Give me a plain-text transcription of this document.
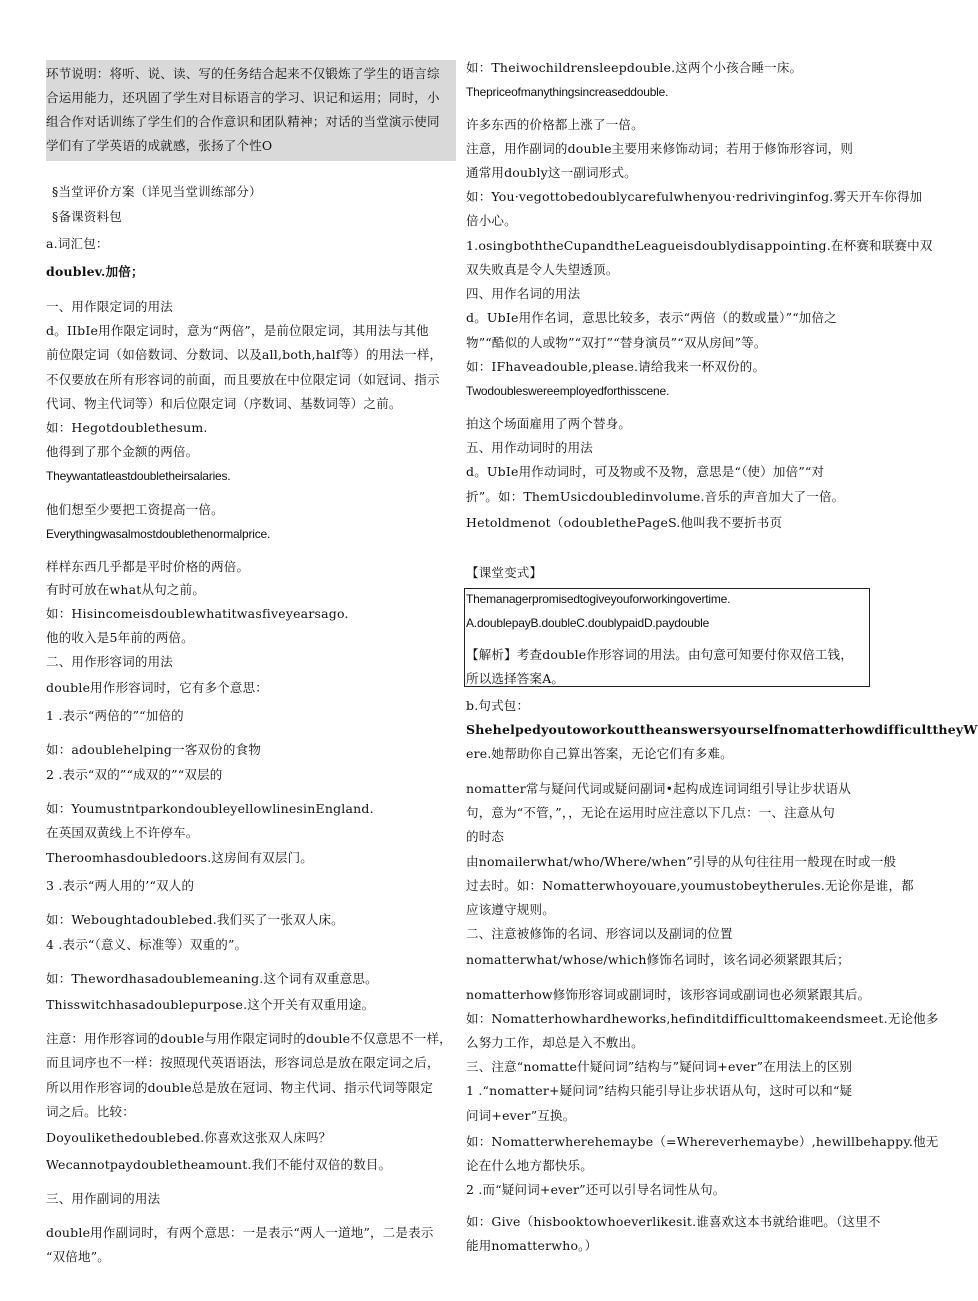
环节说明：将听、说、读、写的任务结合起来不仅锻炼了学生的语言综
合运用能力，还巩固了学生对目标语言的学习、识记和运用；同时，小
组合作对话训练了学生们的合作意识和团队精神；对话的当堂演示使同
学们有了学英语的成就感，张扬了个性O
§当堂评价方案（详见当堂训练部分）
§备课资料包
a.词汇包：
doublev.加倍；
一、用作限定词的用法
d。IIbIe用作限定词时，意为“两倍”，是前位限定词，其用法与其他
前位限定词（如倍数词、分数词、以及all,both,half等）的用法一样，
不仅要放在所有形容词的前面，而且要放在中位限定词（如冠词、指示
代词、物主代词等）和后位限定词（序数词、基数词等）之前。
如：Hegotdoublethesum.
他得到了那个金额的两倍。
Theywantatleastdoubletheirsalaries.
他们想至少要把工资提高一倍。
Everythingwasalmostdoublethenormalprice.
样样东西几乎都是平时价格的两倍。
有时可放在what从句之前。
如：Hisincomeisdoublewhatitwasfiveyearsago.
他的收入是5年前的两倍。
二、用作形容词的用法
double用作形容词时，它有多个意思：
1 .表示“两倍的”“加倍的
如：adoublehelping一客双份的食物
2 .表示“双的”“成双的”“双层的
如：YoumustntparkondoubleyellowlinesinEngland.
在英国双黄线上不许停车。
Theroomhasdoubledoors.这房间有双层门。
3 .表示“两人用的’“双人的
如：Weboughtadoublebed.我们买了一张双人床。
4 .表示“（意义、标准等）双重的”。
如：Thewordhasadoublemeaning.这个词有双重意思。
Thisswitchhasadoublepurpose.这个开关有双重用途。
注意：用作形容词的double与用作限定词时的double不仅意思不一样，
而且词序也不一样：按照现代英语语法，形容词总是放在限定词之后，
所以用作形容词的double总是放在冠词、物主代词、指示代词等限定
词之后。比较：
Doyoulikethedoublebed.你喜欢这张双人床吗？
Wecannotpaydoubletheamount.我们不能付双倍的数目。
三、用作副词的用法
double用作副词时，有两个意思：一是表示“两人一道地”，二是表示
“双倍地”。
如：Theiwochildrensleepdouble.这两个小孩合睡一床。
Thepriceofmanythingsincreaseddouble.
许多东西的价格都上涨了一倍。
注意，用作副词的double主要用来修饰动词；若用于修饰形容词，则
通常用doubly这一副词形式。
如：You·vegottobedoublycarefulwhenyou·redrivinginfog.雾天开车你得加
倍小心。
1.osingboththeCupandtheLeagueisdoublydisappointing.在杯赛和联赛中双
双失败真是令人失望透顶。
四、用作名词的用法
d。UbIe用作名词，意思比较多，表示“两倍（的数或量）”“加倍之
物”“酷似的人或物”“双打”“替身演员”“双从房间”等。
如：IFhaveadouble,please.请给我来一杯双份的。
Twodoubleswereemployedforthisscene.
拍这个场面雇用了两个替身。
五、用作动词时的用法
d。UbIe用作动词时，可及物或不及物，意思是“（使）加倍”“对
折”。如：ThemUsicdoubledinvolume.音乐的声音加大了一倍。
Hetoldmenot（odoublethePageS.他叫我不要折书页
【课堂变式】
Themanagerpromisedtogiveyouforworkingovertime.
A.doublepayB.doubleC.doublypaidD.paydouble
【解析】考查double作形容词的用法。由句意可知要付你双倍工钱，
所以选择答案A。
b.句式包：
ShehelpedyoutoworkouttheanswersyourselfnomatterhowdifficulttheyW
ere.她帮助你自己算出答案，无论它们有多难。
nomatter常与疑问代词或疑问副词•起构成连词词组引导让步状语从
句，意为“不管，”，，无论在运用时应注意以下几点：一、注意从句
的时态
由nomailerwhat/who/Where/when”引导的从句往往用一般现在时或一般
过去时。如：Nomatterwhoyouare,youmustobeytherules.无论你是谁，都
应该遵守规则。
二、注意被修饰的名词、形容词以及副词的位置
nomatterwhat/whose/which修饰名词时，该名词必须紧跟其后；
nomatterhow修饰形容词或副词时，该形容词或副词也必须紧跟其后。
如：Nomatterhowhardheworks,hefinditdifficulttomakeendsmeet.无论他多
么努力工作，却总是入不敷出。
三、注意“nomatte什疑问词”结构与”疑问词+ever”在用法上的区别
1 .“nomatter+疑问词”结构只能引导让步状语从句，这时可以和“疑
问词+ever”互换。
如：Nomatterwherehemaybe（=Whereverhemaybe）,hewillbehappy.他无
论在什么地方都快乐。
2 .而“疑问词+ever”还可以引导名词性从句。
如：Give（hisbooktowhoeverlikesit.谁喜欢这本书就给谁吧。（这里不
能用nomatterwho。）
